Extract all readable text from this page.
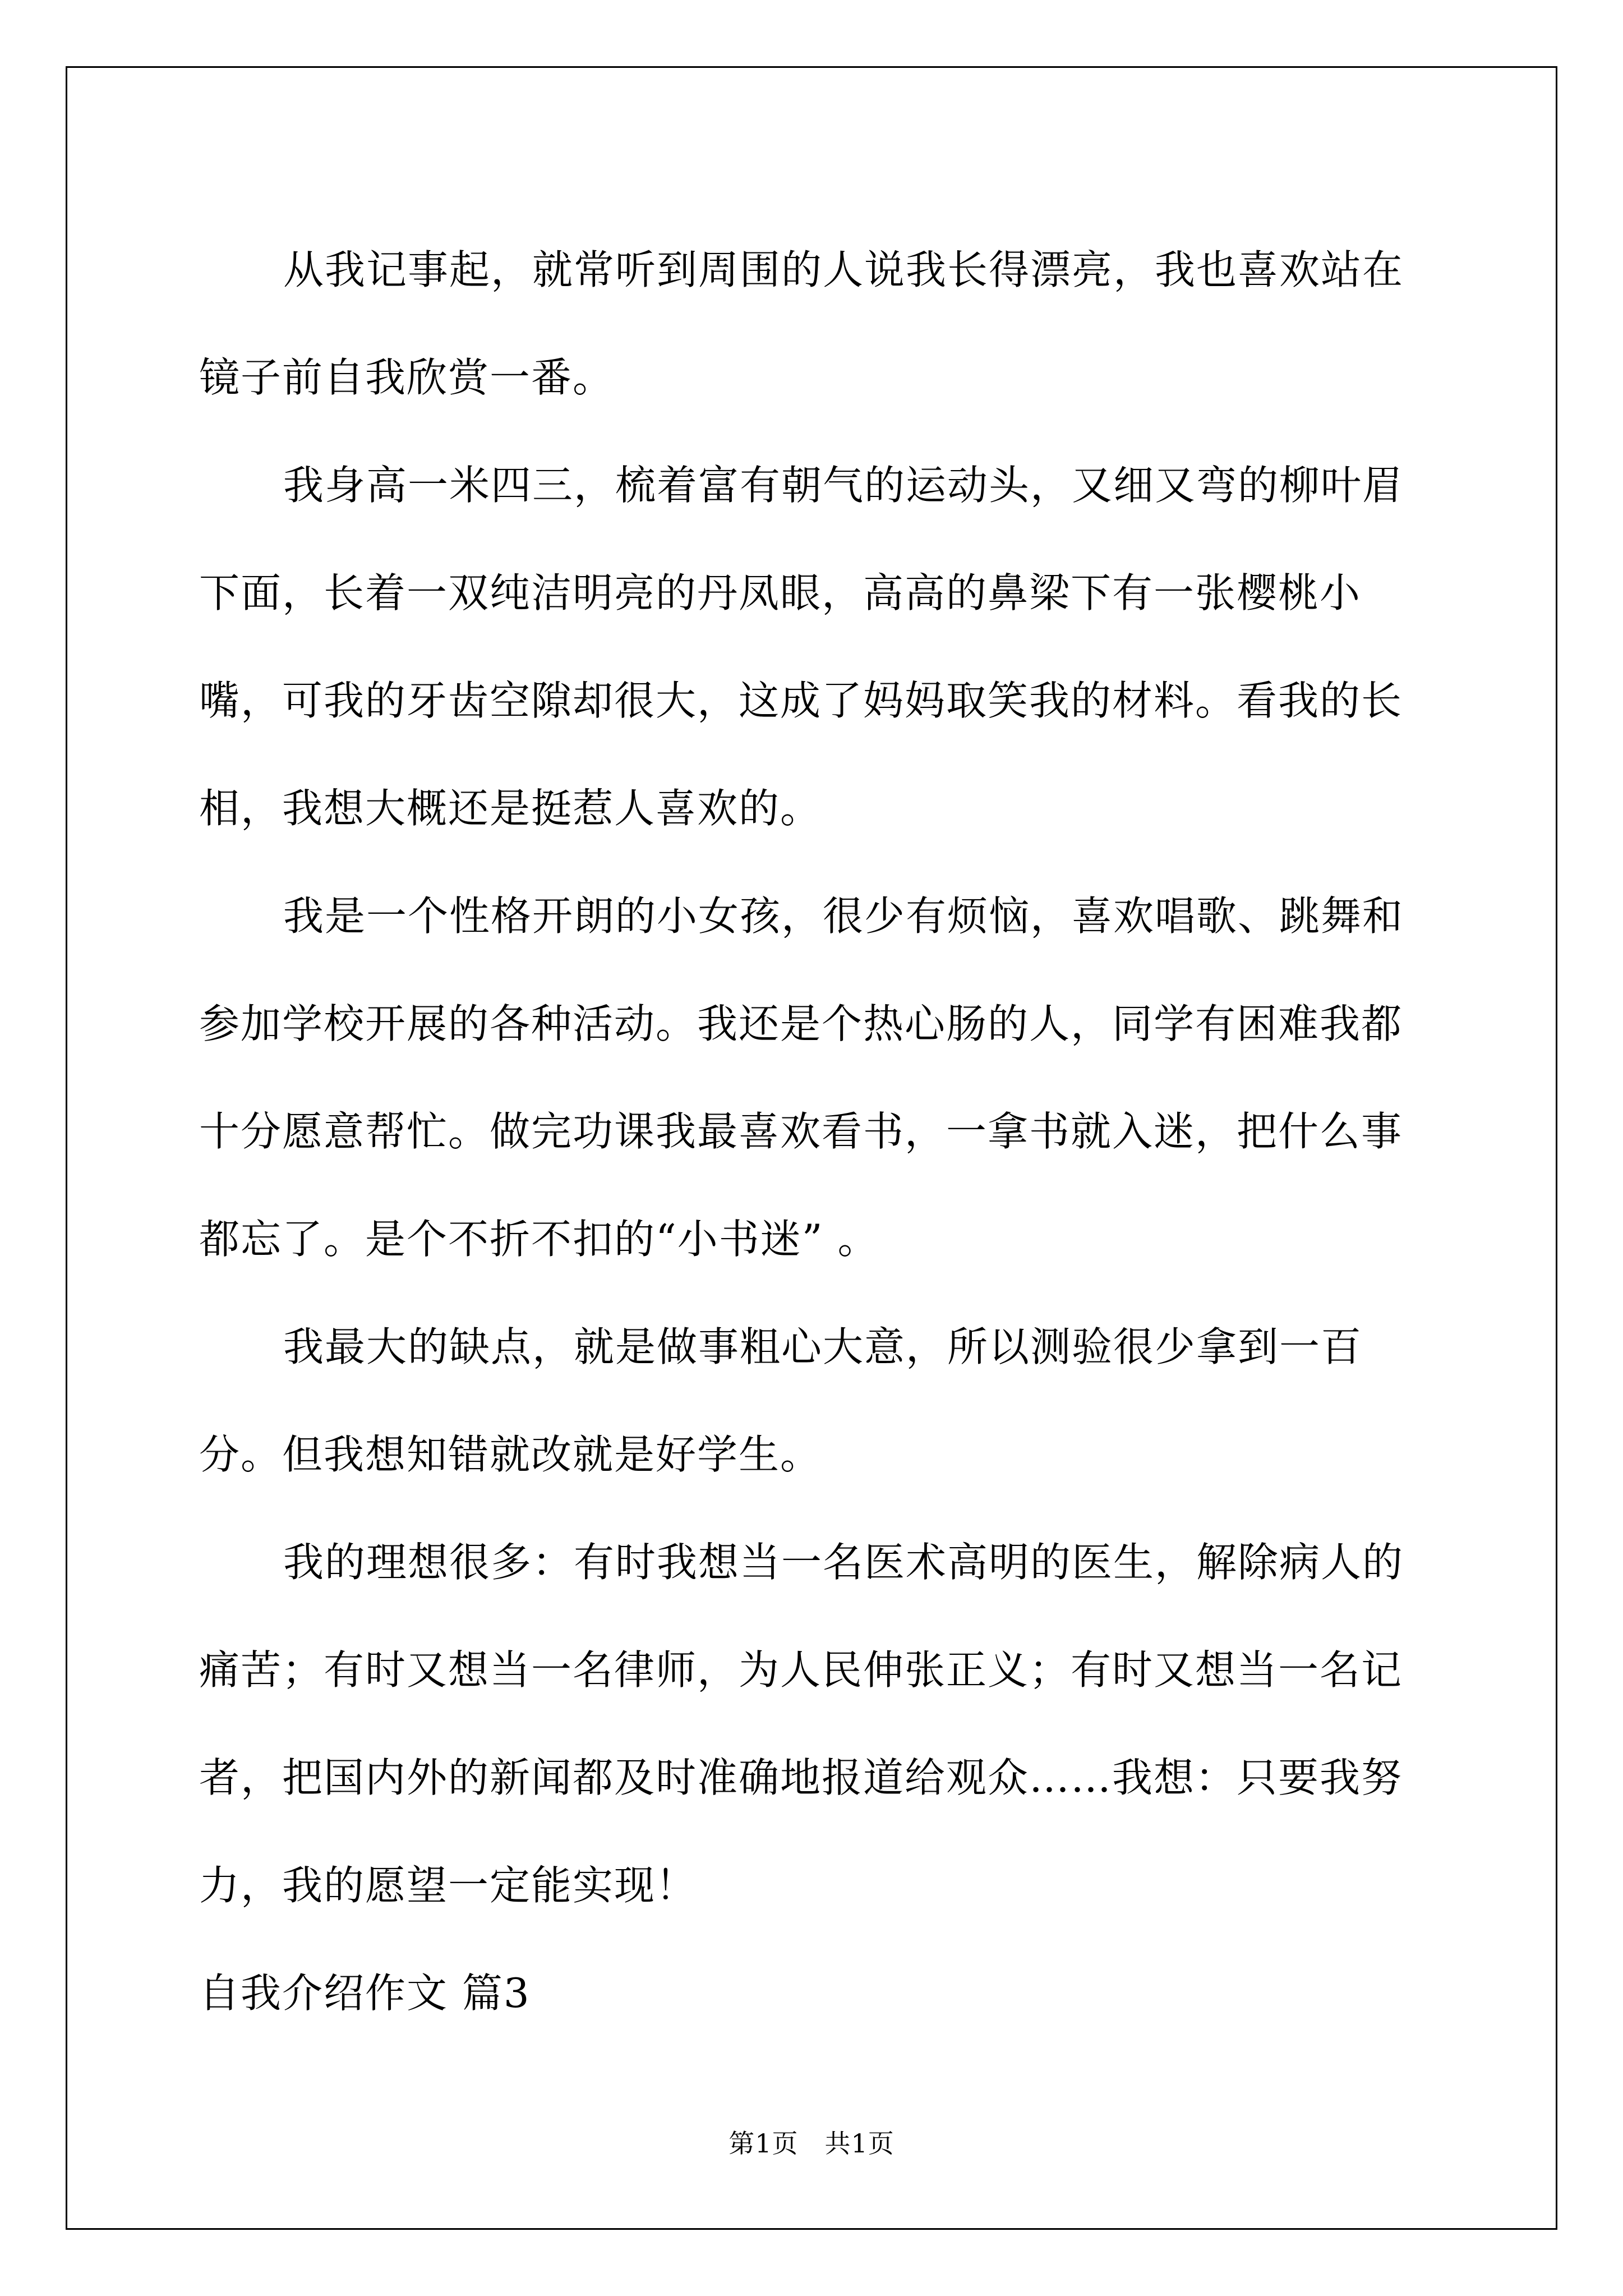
从我记事起，就常听到周围的人说我长得漂亮，我也喜欢站在镜子前自我欣赏一番。

我身高一米四三，梳着富有朝气的运动头，又细又弯的柳叶眉下面，长着一双纯洁明亮的丹凤眼，高高的鼻梁下有一张樱桃小嘴，可我的牙齿空隙却很大，这成了妈妈取笑我的材料。看我的长相，我想大概还是挺惹人喜欢的。

我是一个性格开朗的小女孩，很少有烦恼，喜欢唱歌、跳舞和参加学校开展的各种活动。我还是个热心肠的人，同学有困难我都十分愿意帮忙。做完功课我最喜欢看书，一拿书就入迷，把什么事都忘了。是个不折不扣的“小书迷” 。

我最大的缺点，就是做事粗心大意，所以测验很少拿到一百分。但我想知错就改就是好学生。

我的理想很多：有时我想当一名医术高明的医生，解除病人的痛苦；有时又想当一名律师，为人民伸张正义；有时又想当一名记者，把国内外的新闻都及时准确地报道给观众……我想：只要我努力，我的愿望一定能实现！

自我介绍作文 篇3

第1页　共1页
